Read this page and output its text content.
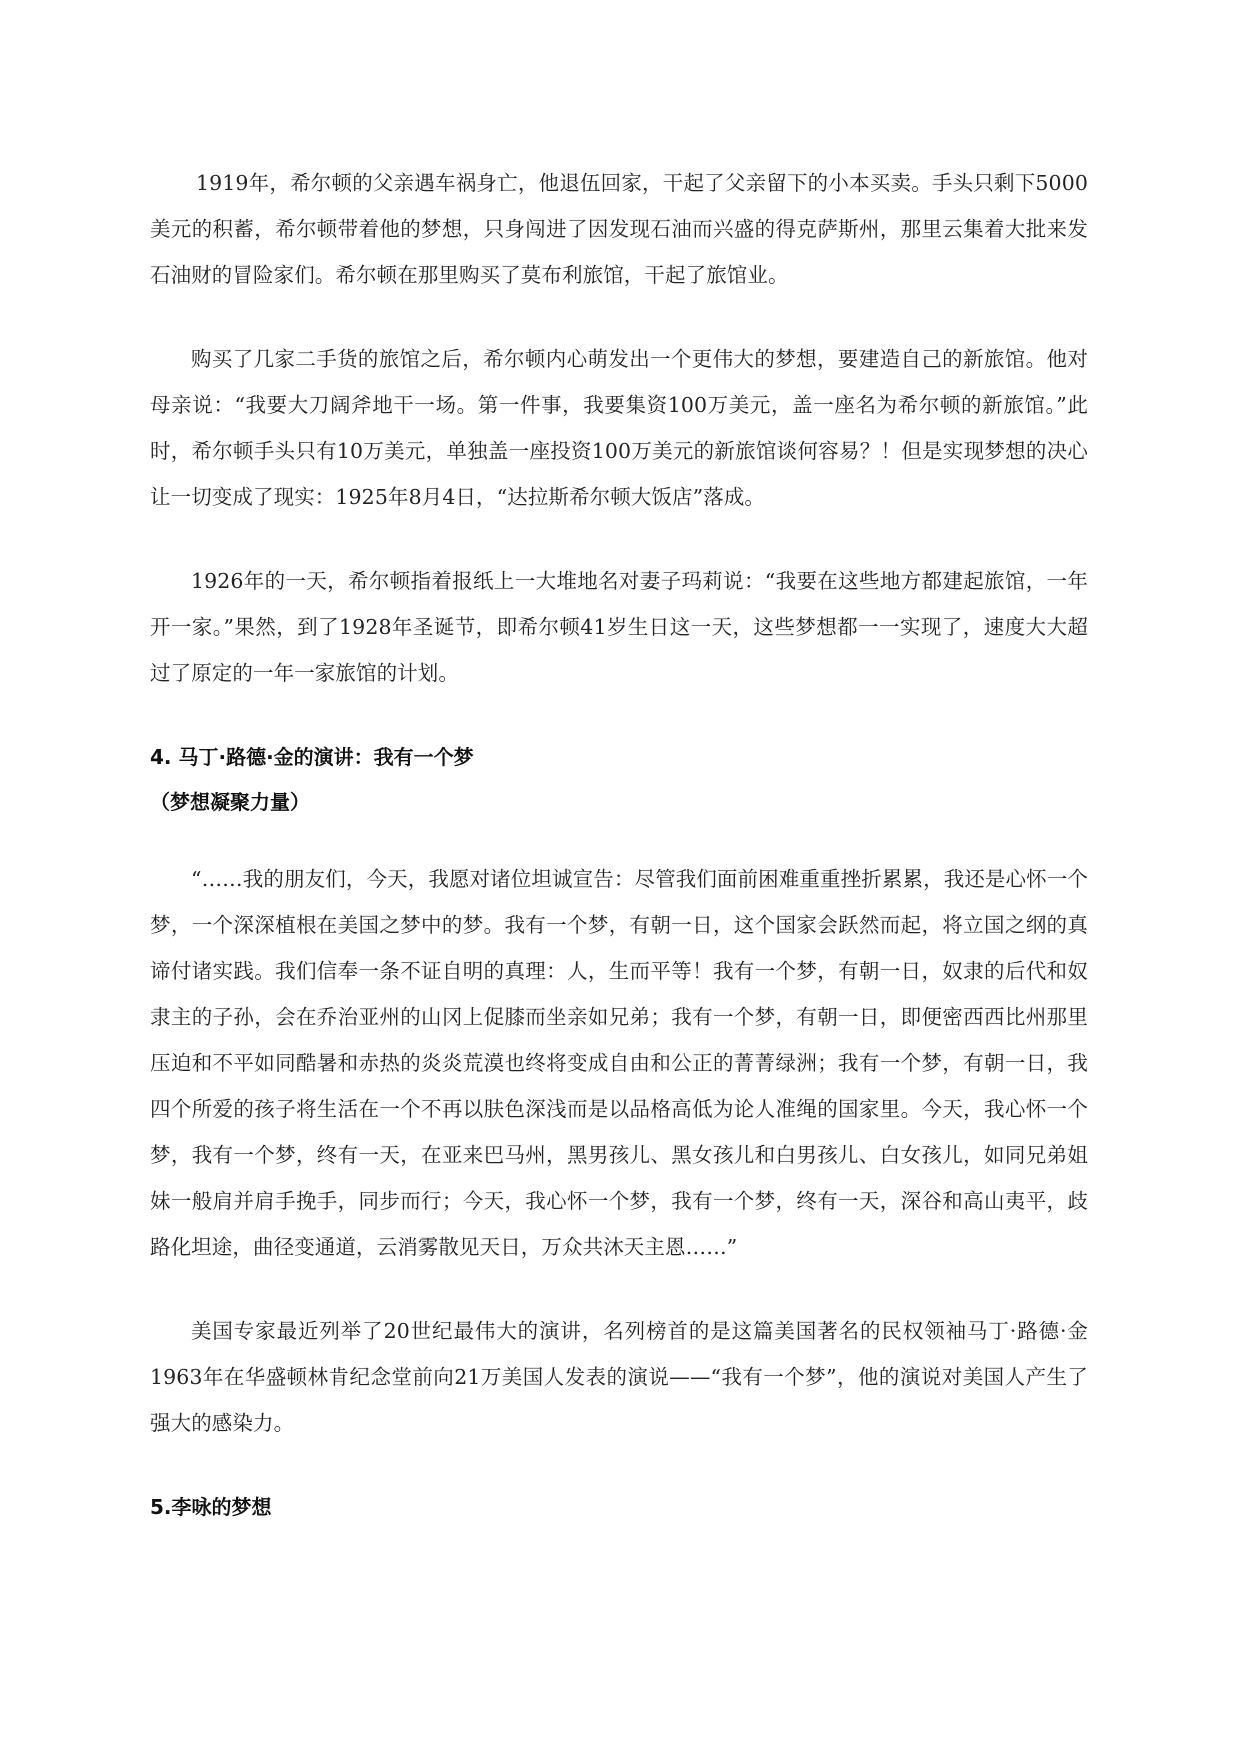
1919年，希尔顿的父亲遇车祸身亡，他退伍回家，干起了父亲留下的小本买卖。手头只剩下5000美元的积蓄，希尔顿带着他的梦想，只身闯进了因发现石油而兴盛的得克萨斯州，那里云集着大批来发石油财的冒险家们。希尔顿在那里购买了莫布利旅馆，干起了旅馆业。

购买了几家二手货的旅馆之后，希尔顿内心萌发出一个更伟大的梦想，要建造自己的新旅馆。他对母亲说：“我要大刀阔斧地干一场。第一件事，我要集资100万美元，盖一座名为希尔顿的新旅馆。”此时，希尔顿手头只有10万美元，单独盖一座投资100万美元的新旅馆谈何容易？！但是实现梦想的决心让一切变成了现实：1925年8月4日，“达拉斯希尔顿大饭店”落成。

1926年的一天，希尔顿指着报纸上一大堆地名对妻子玛莉说：“我要在这些地方都建起旅馆，一年开一家。”果然，到了1928年圣诞节，即希尔顿41岁生日这一天，这些梦想都一一实现了，速度大大超过了原定的一年一家旅馆的计划。

4. 马丁·路德·金的演讲：我有一个梦
（梦想凝聚力量）

“……我的朋友们，今天，我愿对诸位坦诚宣告：尽管我们面前困难重重挫折累累，我还是心怀一个梦，一个深深植根在美国之梦中的梦。我有一个梦，有朝一日，这个国家会跃然而起，将立国之纲的真谛付诸实践。我们信奉一条不证自明的真理：人，生而平等！我有一个梦，有朝一日，奴隶的后代和奴隶主的子孙，会在乔治亚州的山冈上促膝而坐亲如兄弟；我有一个梦，有朝一日，即便密西西比州那里压迫和不平如同酷暑和赤热的炎炎荒漠也终将变成自由和公正的菁菁绿洲；我有一个梦，有朝一日，我四个所爱的孩子将生活在一个不再以肤色深浅而是以品格高低为论人准绳的国家里。今天，我心怀一个梦，我有一个梦，终有一天，在亚来巴马州，黑男孩儿、黑女孩儿和白男孩儿、白女孩儿，如同兄弟姐妹一般肩并肩手挽手，同步而行；今天，我心怀一个梦，我有一个梦，终有一天，深谷和高山夷平，歧路化坦途，曲径变通道，云消雾散见天日，万众共沐天主恩……”

美国专家最近列举了20世纪最伟大的演讲，名列榜首的是这篇美国著名的民权领袖马丁·路德·金1963年在华盛顿林肯纪念堂前向21万美国人发表的演说——“我有一个梦”，他的演说对美国人产生了强大的感染力。

5.李咏的梦想
